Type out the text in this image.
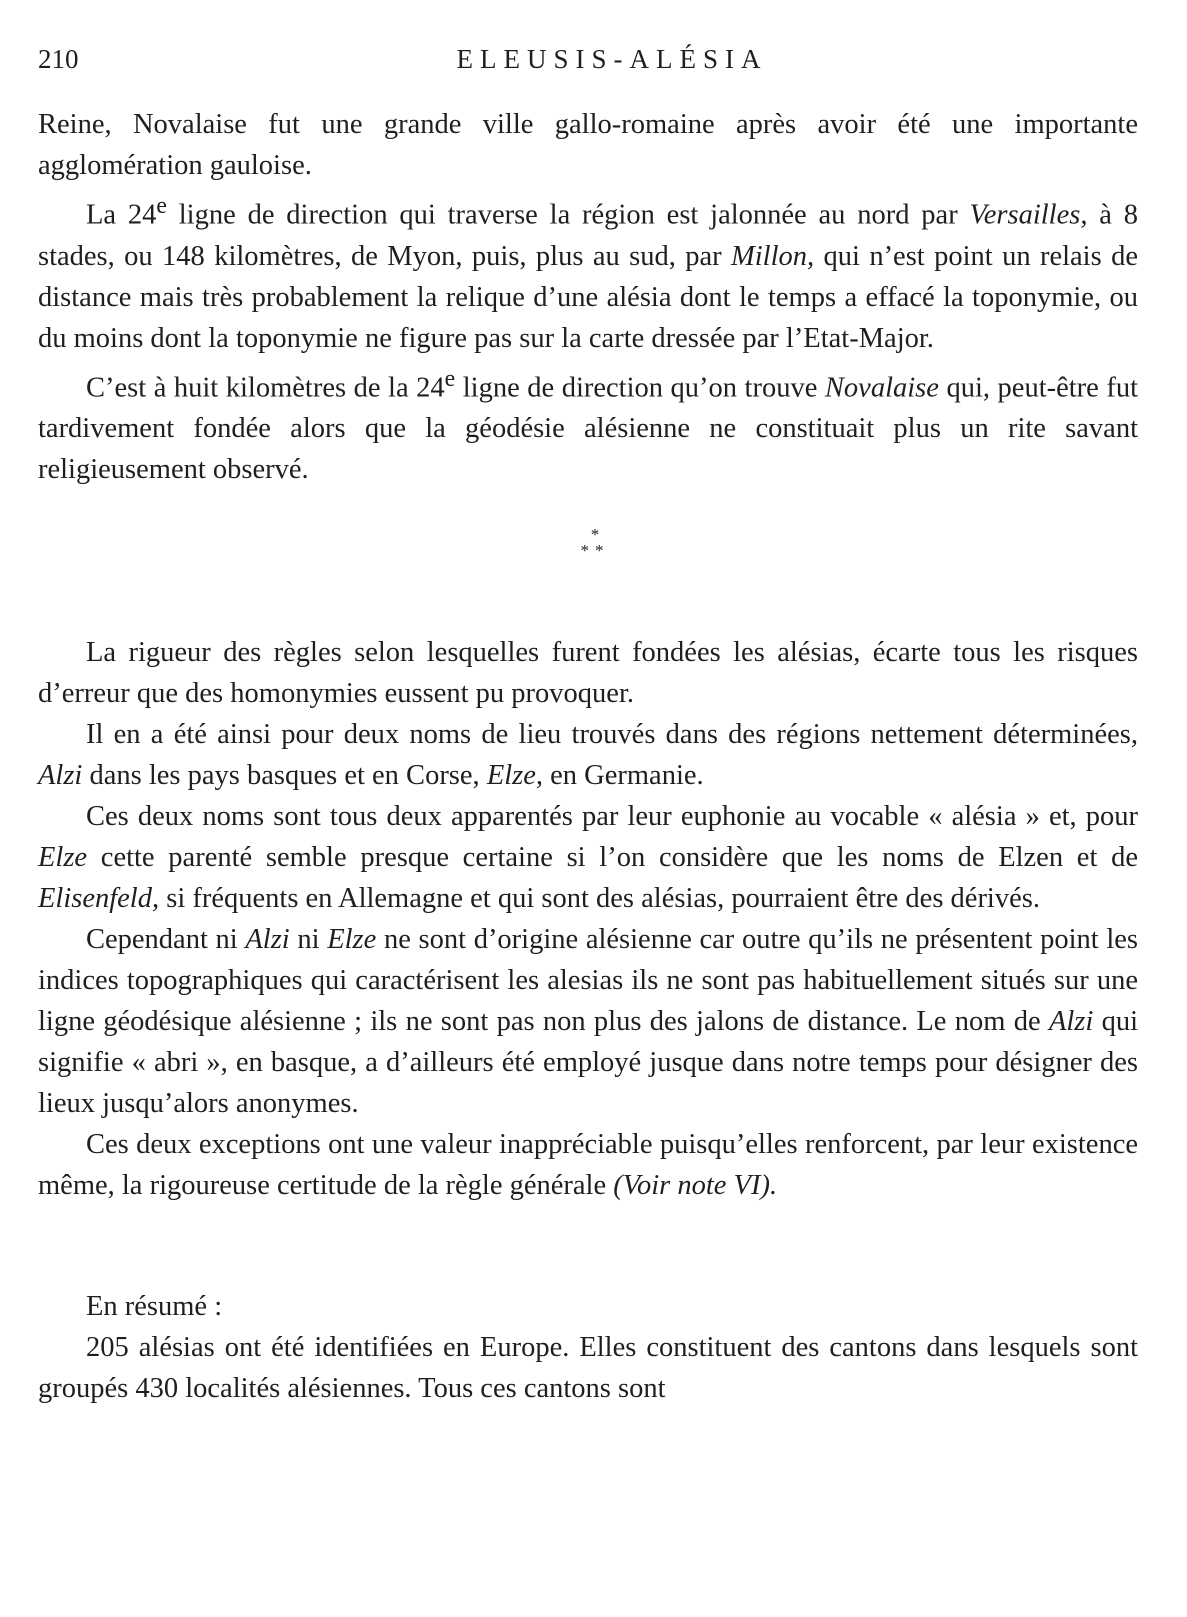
210	ELEUSIS-ALÉSIA

Reine, Novalaise fut une grande ville gallo-romaine après avoir été une importante agglomération gauloise.

La 24e ligne de direction qui traverse la région est jalonnée au nord par Versailles, à 8 stades, ou 148 kilomètres, de Myon, puis, plus au sud, par Millon, qui n’est point un relais de distance mais très probablement la relique d’une alésia dont le temps a effacé la toponymie, ou du moins dont la toponymie ne figure pas sur la carte dressée par l’Etat-Major.

C’est à huit kilomètres de la 24e ligne de direction qu’on trouve Novalaise qui, peut-être fut tardivement fondée alors que la géodésie alésienne ne constituait plus un rite savant religieusement observé.

*
**

La rigueur des règles selon lesquelles furent fondées les alésias, écarte tous les risques d’erreur que des homonymies eussent pu provoquer.

Il en a été ainsi pour deux noms de lieu trouvés dans des régions nettement déterminées, Alzi dans les pays basques et en Corse, Elze, en Germanie.

Ces deux noms sont tous deux apparentés par leur euphonie au vocable « alésia » et, pour Elze cette parenté semble presque certaine si l’on considère que les noms de Elzen et de Elisenfeld, si fréquents en Allemagne et qui sont des alésias, pourraient être des dérivés.

Cependant ni Alzi ni Elze ne sont d’origine alésienne car outre qu’ils ne présentent point les indices topographiques qui caractérisent les alesias ils ne sont pas habituellement situés sur une ligne géodésique alésienne ; ils ne sont pas non plus des jalons de distance. Le nom de Alzi qui signifie « abri », en basque, a d’ailleurs été employé jusque dans notre temps pour désigner des lieux jusqu’alors anonymes.

Ces deux exceptions ont une valeur inappréciable puisqu’elles renforcent, par leur existence même, la rigoureuse certitude de la règle générale (Voir note VI).

En résumé :

205 alésias ont été identifiées en Europe. Elles constituent des cantons dans lesquels sont groupés 430 localités alésiennes. Tous ces cantons sont
